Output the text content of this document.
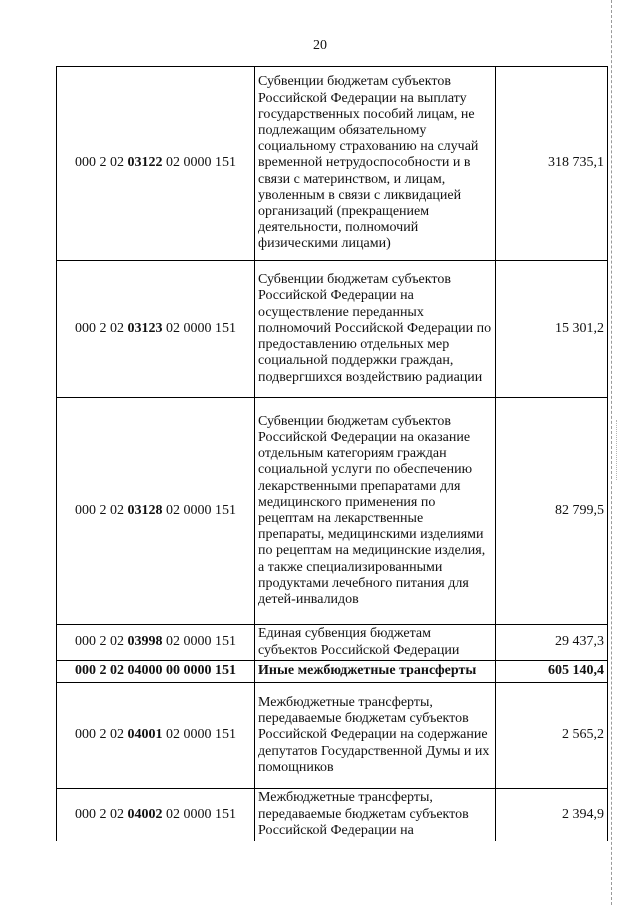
20
000 2 02 03122 02 0000 151	Субвенции бюджетам субъектов Российской Федерации на выплату государственных пособий лицам, не подлежащим обязательному социальному страхованию на случай временной нетрудоспособности и в связи с материнством, и лицам, уволенным в связи с ликвидацией организаций (прекращением деятельности, полномочий физическими лицами)	318 735,1
000 2 02 03123 02 0000 151	Субвенции бюджетам субъектов Российской Федерации на осуществление переданных полномочий Российской Федерации по предоставлению отдельных мер социальной поддержки граждан, подвергшихся воздействию радиации	15 301,2
000 2 02 03128 02 0000 151	Субвенции бюджетам субъектов Российской Федерации на оказание отдельным категориям граждан социальной услуги по обеспечению лекарственными препаратами для медицинского применения по рецептам на лекарственные препараты, медицинскими изделиями по рецептам на медицинские изделия, а также специализированными продуктами лечебного питания для детей-инвалидов	82 799,5
000 2 02 03998 02 0000 151	Единая субвенция бюджетам субъектов Российской Федерации	29 437,3
000 2 02 04000 00 0000 151	Иные межбюджетные трансферты	605 140,4
000 2 02 04001 02 0000 151	Межбюджетные трансферты, передаваемые бюджетам субъектов Российской Федерации на содержание депутатов Государственной Думы и их помощников	2 565,2
000 2 02 04002 02 0000 151	Межбюджетные трансферты, передаваемые бюджетам субъектов Российской Федерации на	2 394,9
